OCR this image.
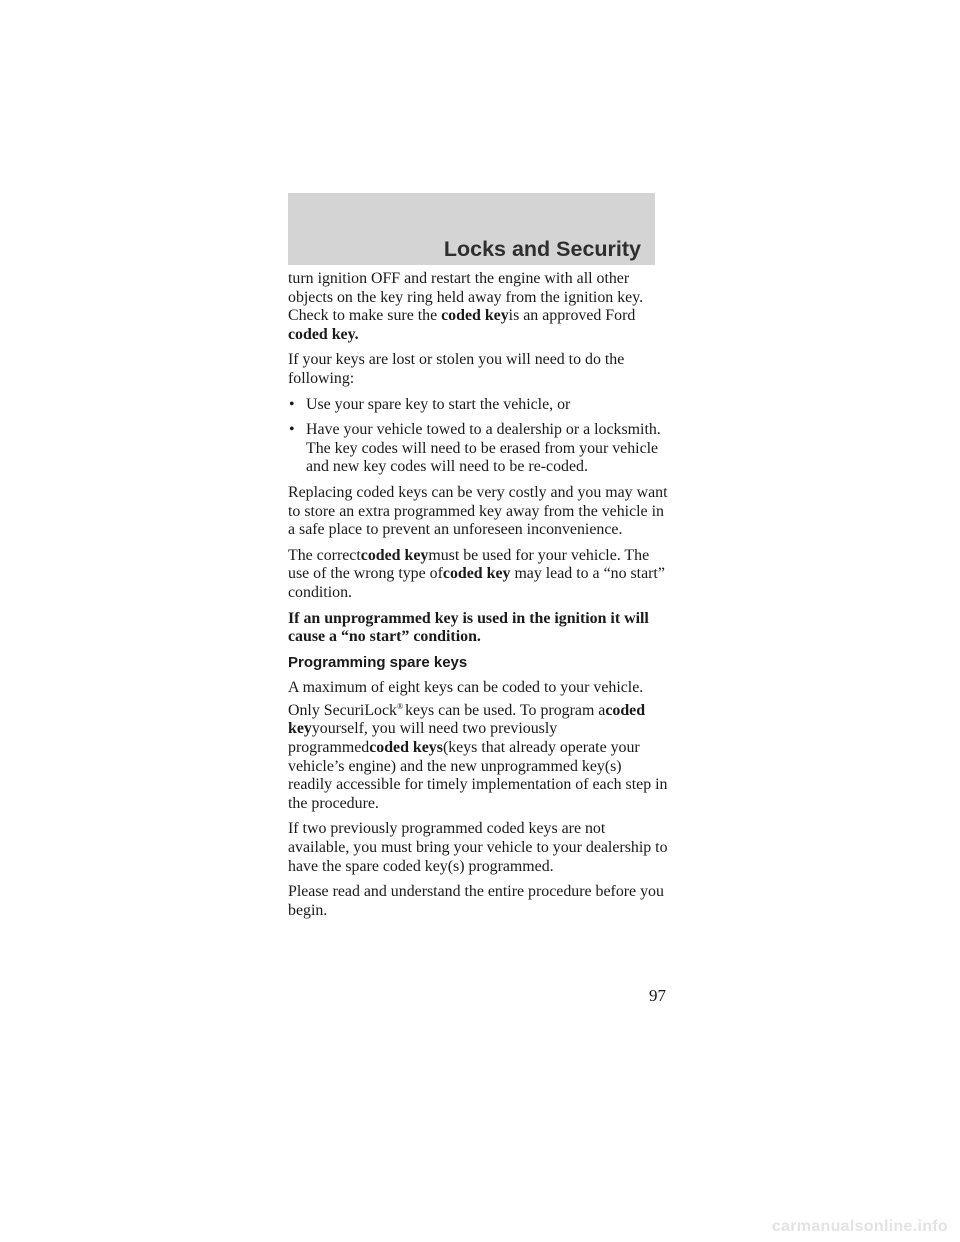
Locks and Security

turn ignition OFF and restart the engine with all other objects on the key ring held away from the ignition key. Check to make sure the coded keyis an approved Ford coded key.

If your keys are lost or stolen you will need to do the following:

• Use your spare key to start the vehicle, or
• Have your vehicle towed to a dealership or a locksmith. The key codes will need to be erased from your vehicle and new key codes will need to be re-coded.

Replacing coded keys can be very costly and you may want to store an extra programmed key away from the vehicle in a safe place to prevent an unforeseen inconvenience.

The correctcoded keymust be used for your vehicle. The use of the wrong type ofcoded key may lead to a “no start” condition.

If an unprogrammed key is used in the ignition it will cause a “no start” condition.

Programming spare keys

A maximum of eight keys can be coded to your vehicle. Only SecuriLock® keys can be used. To program acoded keyyourself, you will need two previously programmedcoded keys(keys that already operate your vehicle’s engine) and the new unprogrammed key(s) readily accessible for timely implementation of each step in the procedure.

If two previously programmed coded keys are not available, you must bring your vehicle to your dealership to have the spare coded key(s) programmed.

Please read and understand the entire procedure before you begin.

97
carmanualsonline.info
